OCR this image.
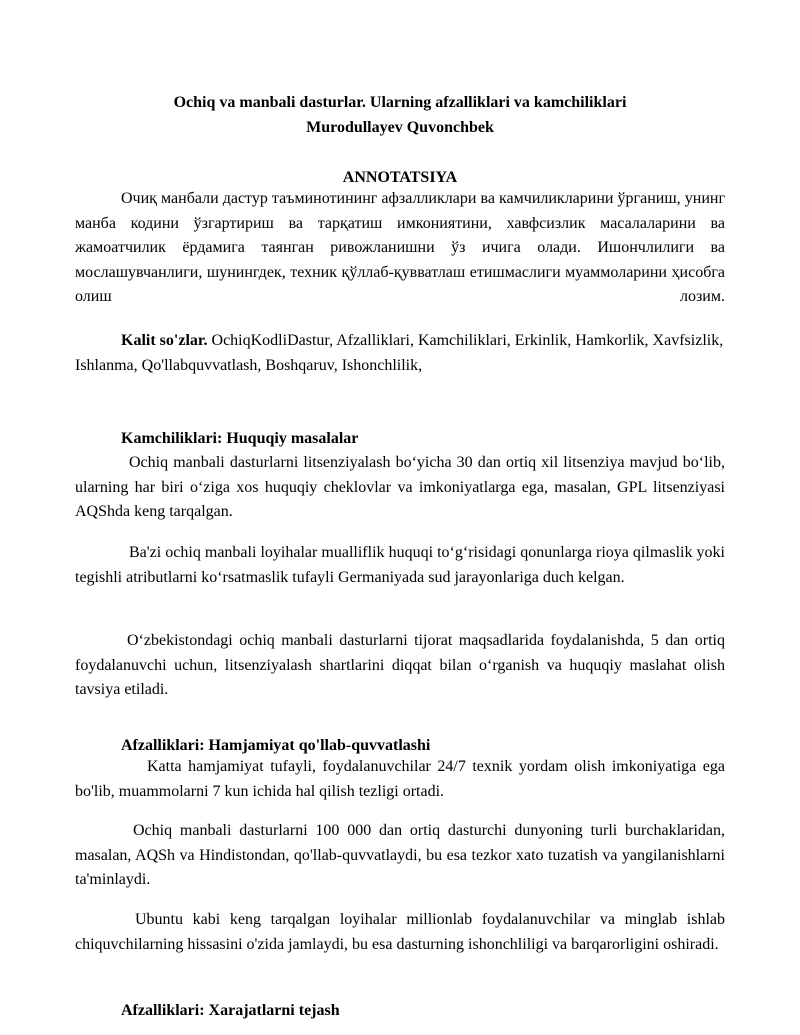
Ochiq va manbali dasturlar. Ularning afzalliklari va kamchiliklari

Murodullayev Quvonchbek

ANNOTATSIYA

Очиқ манбали дастур таъминотининг афзалликлари ва камчиликларини ўрганиш, унинг манба кодини ўзгартириш ва тарқатиш имкониятини, хавфсизлик масалаларини ва жамоатчилик ёрдамига таянган ривожланишни ўз ичига олади. Ишончлилиги ва мослашувчанлиги, шунингдек, техник қўллаб-қувватлаш етишмаслиги муаммоларини ҳисобга олиш лозим.

Kalit so'zlar. OchiqKodliDastur, Afzalliklari, Kamchiliklari, Erkinlik, Hamkorlik, Xavfsizlik, Ishlanma, Qo'llabquvvatlash, Boshqaruv, Ishonchlilik,

Kamchiliklari: Huquqiy masalalar

Ochiq manbali dasturlarni litsenziyalash bo‘yicha 30 dan ortiq xil litsenziya mavjud bo‘lib, ularning har biri o‘ziga xos huquqiy cheklovlar va imkoniyatlarga ega, masalan, GPL litsenziyasi AQShda keng tarqalgan.

Ba'zi ochiq manbali loyihalar mualliflik huquqi to‘g‘risidagi qonunlarga rioya qilmaslik yoki tegishli atributlarni ko‘rsatmaslik tufayli Germaniyada sud jarayonlariga duch kelgan.

O‘zbekistondagi ochiq manbali dasturlarni tijorat maqsadlarida foydalanishda, 5 dan ortiq foydalanuvchi uchun, litsenziyalash shartlarini diqqat bilan o‘rganish va huquqiy maslahat olish tavsiya etiladi.

Afzalliklari: Hamjamiyat qo'llab-quvvatlashi

Katta hamjamiyat tufayli, foydalanuvchilar 24/7 texnik yordam olish imkoniyatiga ega bo'lib, muammolarni 7 kun ichida hal qilish tezligi ortadi.

Ochiq manbali dasturlarni 100 000 dan ortiq dasturchi dunyoning turli burchaklaridan, masalan, AQSh va Hindistondan, qo'llab-quvvatlaydi, bu esa tezkor xato tuzatish va yangilanishlarni ta'minlaydi.

Ubuntu kabi keng tarqalgan loyihalar millionlab foydalanuvchilar va minglab ishlab chiquvchilarning hissasini o'zida jamlaydi, bu esa dasturning ishonchliligi va barqarorligini oshiradi.

Afzalliklari: Xarajatlarni tejash
